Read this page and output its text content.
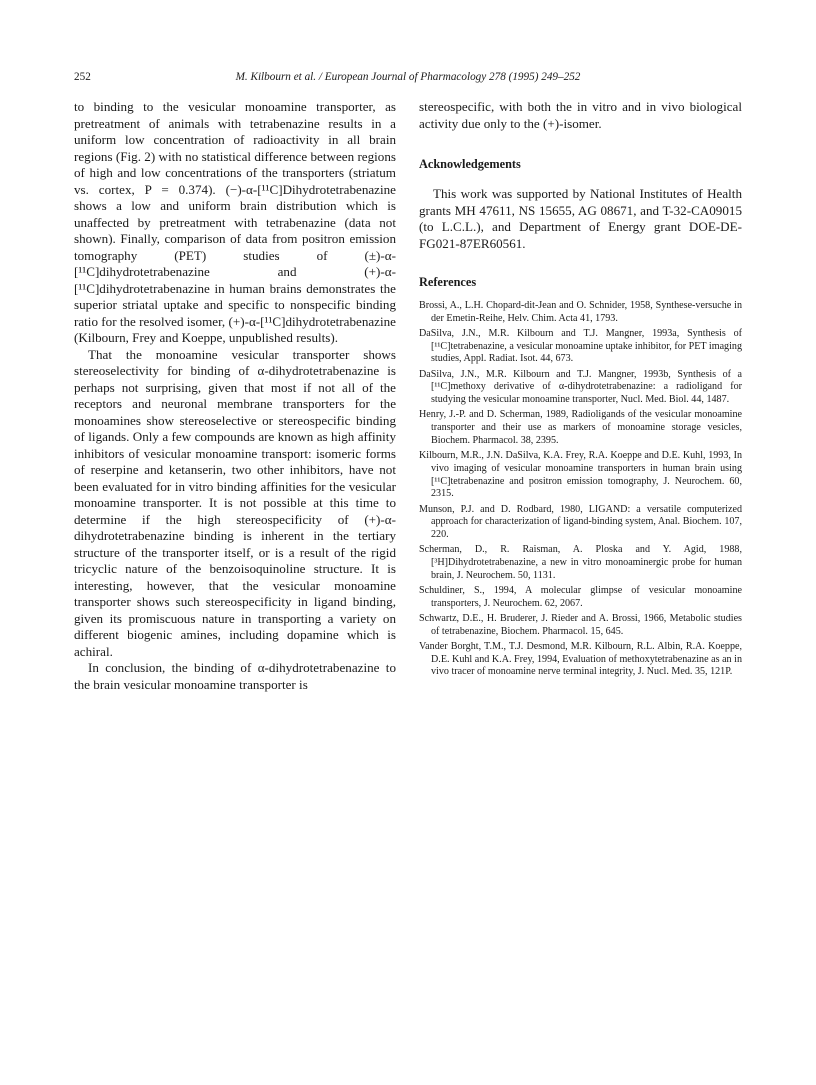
252	M. Kilbourn et al. / European Journal of Pharmacology 278 (1995) 249–252

to binding to the vesicular monoamine transporter, as pretreatment of animals with tetrabenazine results in a uniform low concentration of radioactivity in all brain regions (Fig. 2) with no statistical difference between regions of high and low concentrations of the transporters (striatum vs. cortex, P = 0.374). (−)-α-[¹¹C]Dihydrotetrabenazine shows a low and uniform brain distribution which is unaffected by pretreatment with tetrabenazine (data not shown). Finally, comparison of data from positron emission tomography (PET) studies of (±)-α-[¹¹C]dihydrotetrabenazine and (+)-α-[¹¹C]dihydrotetrabenazine in human brains demonstrates the superior striatal uptake and specific to nonspecific binding ratio for the resolved isomer, (+)-α-[¹¹C]dihydrotetrabenazine (Kilbourn, Frey and Koeppe, unpublished results).

That the monoamine vesicular transporter shows stereoselectivity for binding of α-dihydrotetrabenazine is perhaps not surprising, given that most if not all of the receptors and neuronal membrane transporters for the monoamines show stereoselective or stereospecific binding of ligands. Only a few compounds are known as high affinity inhibitors of vesicular monoamine transport: isomeric forms of reserpine and ketanserin, two other inhibitors, have not been evaluated for in vitro binding affinities for the vesicular monoamine transporter. It is not possible at this time to determine if the high stereospecificity of (+)-α-dihydrotetrabenazine binding is inherent in the tertiary structure of the transporter itself, or is a result of the rigid tricyclic nature of the benzoisoquinoline structure. It is interesting, however, that the vesicular monoamine transporter shows such stereospecificity in ligand binding, given its promiscuous nature in transporting a variety on different biogenic amines, including dopamine which is achiral.

In conclusion, the binding of α-dihydrotetrabenazine to the brain vesicular monoamine transporter is

stereospecific, with both the in vitro and in vivo biological activity due only to the (+)-isomer.

Acknowledgements

This work was supported by National Institutes of Health grants MH 47611, NS 15655, AG 08671, and T-32-CA09015 (to L.C.L.), and Department of Energy grant DOE-DE-FG021-87ER60561.

References
Brossi, A., L.H. Chopard-dit-Jean and O. Schnider, 1958, Synthese-versuche in der Emetin-Reihe, Helv. Chim. Acta 41, 1793.
DaSilva, J.N., M.R. Kilbourn and T.J. Mangner, 1993a, Synthesis of [¹¹C]tetrabenazine, a vesicular monoamine uptake inhibitor, for PET imaging studies, Appl. Radiat. Isot. 44, 673.
DaSilva, J.N., M.R. Kilbourn and T.J. Mangner, 1993b, Synthesis of a [¹¹C]methoxy derivative of α-dihydrotetrabenazine: a radioligand for studying the vesicular monoamine transporter, Nucl. Med. Biol. 44, 1487.
Henry, J.-P. and D. Scherman, 1989, Radioligands of the vesicular monoamine transporter and their use as markers of monoamine storage vesicles, Biochem. Pharmacol. 38, 2395.
Kilbourn, M.R., J.N. DaSilva, K.A. Frey, R.A. Koeppe and D.E. Kuhl, 1993, In vivo imaging of vesicular monoamine transporters in human brain using [¹¹C]tetrabenazine and positron emission tomography, J. Neurochem. 60, 2315.
Munson, P.J. and D. Rodbard, 1980, LIGAND: a versatile computerized approach for characterization of ligand-binding system, Anal. Biochem. 107, 220.
Scherman, D., R. Raisman, A. Ploska and Y. Agid, 1988, [³H]Dihydrotetrabenazine, a new in vitro monoaminergic probe for human brain, J. Neurochem. 50, 1131.
Schuldiner, S., 1994, A molecular glimpse of vesicular monoamine transporters, J. Neurochem. 62, 2067.
Schwartz, D.E., H. Bruderer, J. Rieder and A. Brossi, 1966, Metabolic studies of tetrabenazine, Biochem. Pharmacol. 15, 645.
Vander Borght, T.M., T.J. Desmond, M.R. Kilbourn, R.L. Albin, R.A. Koeppe, D.E. Kuhl and K.A. Frey, 1994, Evaluation of methoxytetrabenazine as an in vivo tracer of monoamine nerve terminal integrity, J. Nucl. Med. 35, 121P.
